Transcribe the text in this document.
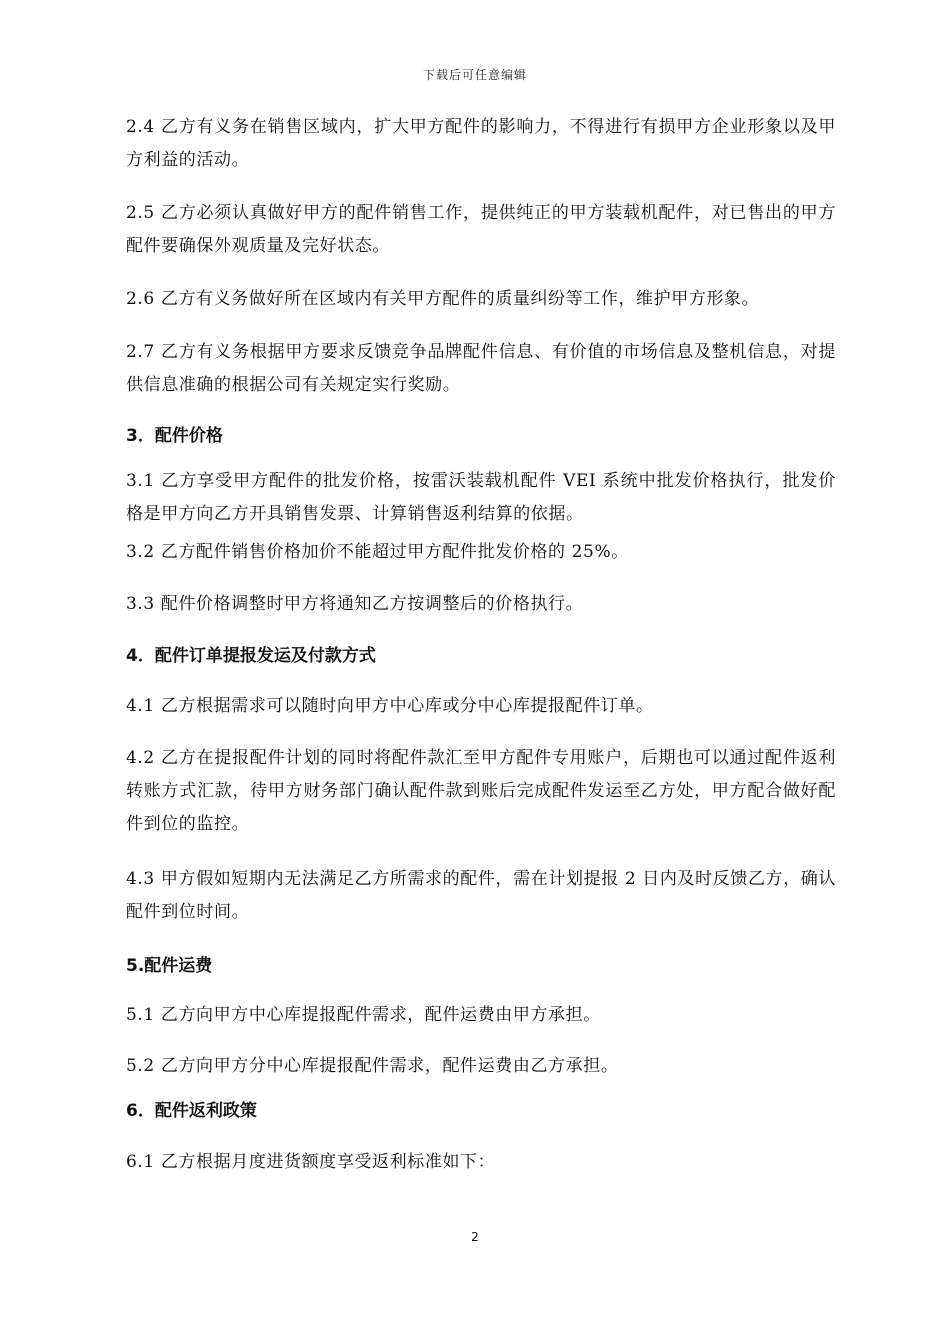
下载后可任意编辑

2.4 乙方有义务在销售区域内，扩大甲方配件的影响力，不得进行有损甲方企业形象以及甲方利益的活动。

2.5 乙方必须认真做好甲方的配件销售工作，提供纯正的甲方装载机配件，对已售出的甲方配件要确保外观质量及完好状态。

2.6 乙方有义务做好所在区域内有关甲方配件的质量纠纷等工作，维护甲方形象。

2.7 乙方有义务根据甲方要求反馈竞争品牌配件信息、有价值的市场信息及整机信息，对提供信息准确的根据公司有关规定实行奖励。

3．配件价格

3.1 乙方享受甲方配件的批发价格，按雷沃装载机配件 VEI 系统中批发价格执行，批发价格是甲方向乙方开具销售发票、计算销售返利结算的依据。

3.2 乙方配件销售价格加价不能超过甲方配件批发价格的 25%。

3.3 配件价格调整时甲方将通知乙方按调整后的价格执行。

4．配件订单提报发运及付款方式

4.1 乙方根据需求可以随时向甲方中心库或分中心库提报配件订单。

4.2 乙方在提报配件计划的同时将配件款汇至甲方配件专用账户，后期也可以通过配件返利转账方式汇款，待甲方财务部门确认配件款到账后完成配件发运至乙方处，甲方配合做好配件到位的监控。

4.3 甲方假如短期内无法满足乙方所需求的配件，需在计划提报 2 日内及时反馈乙方，确认配件到位时间。

5.配件运费

5.1 乙方向甲方中心库提报配件需求，配件运费由甲方承担。

5.2 乙方向甲方分中心库提报配件需求，配件运费由乙方承担。

6．配件返利政策

6.1 乙方根据月度进货额度享受返利标准如下：

2
